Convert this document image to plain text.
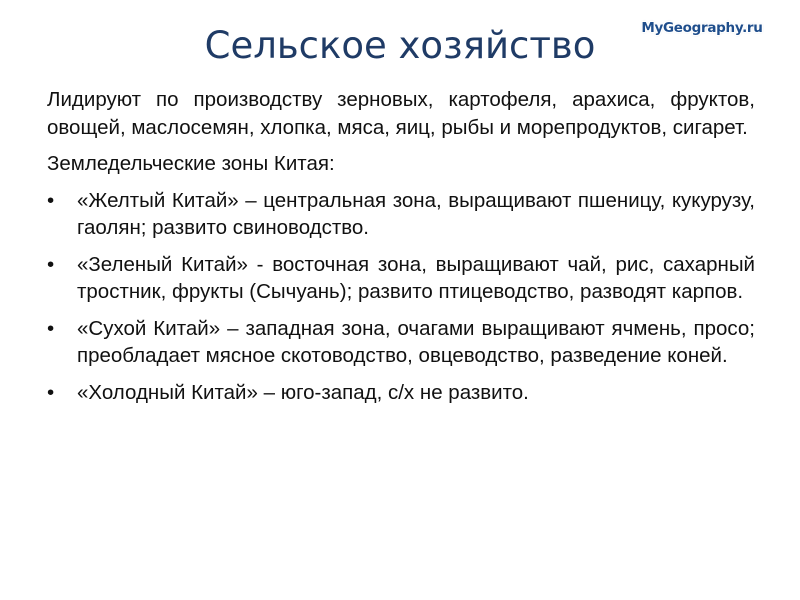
Сельское хозяйство	MyGeography.ru

Лидируют по производству зерновых, картофеля, арахиса, фруктов, овощей, маслосемян, хлопка, мяса, яиц, рыбы и морепродуктов, сигарет.

Земледельческие зоны Китая:

•	«Желтый Китай» – центральная зона, выращивают пшеницу, кукурузу, гаолян; развито свиноводство.
•	«Зеленый Китай» - восточная зона, выращивают чай, рис, сахарный тростник, фрукты (Сычуань); развито птицеводство, разводят карпов.
•	«Сухой Китай» – западная зона, очагами выращивают ячмень, просо; преобладает мясное скотоводство, овцеводство, разведение коней.
•	«Холодный Китай» – юго-запад, с/х не развито.
